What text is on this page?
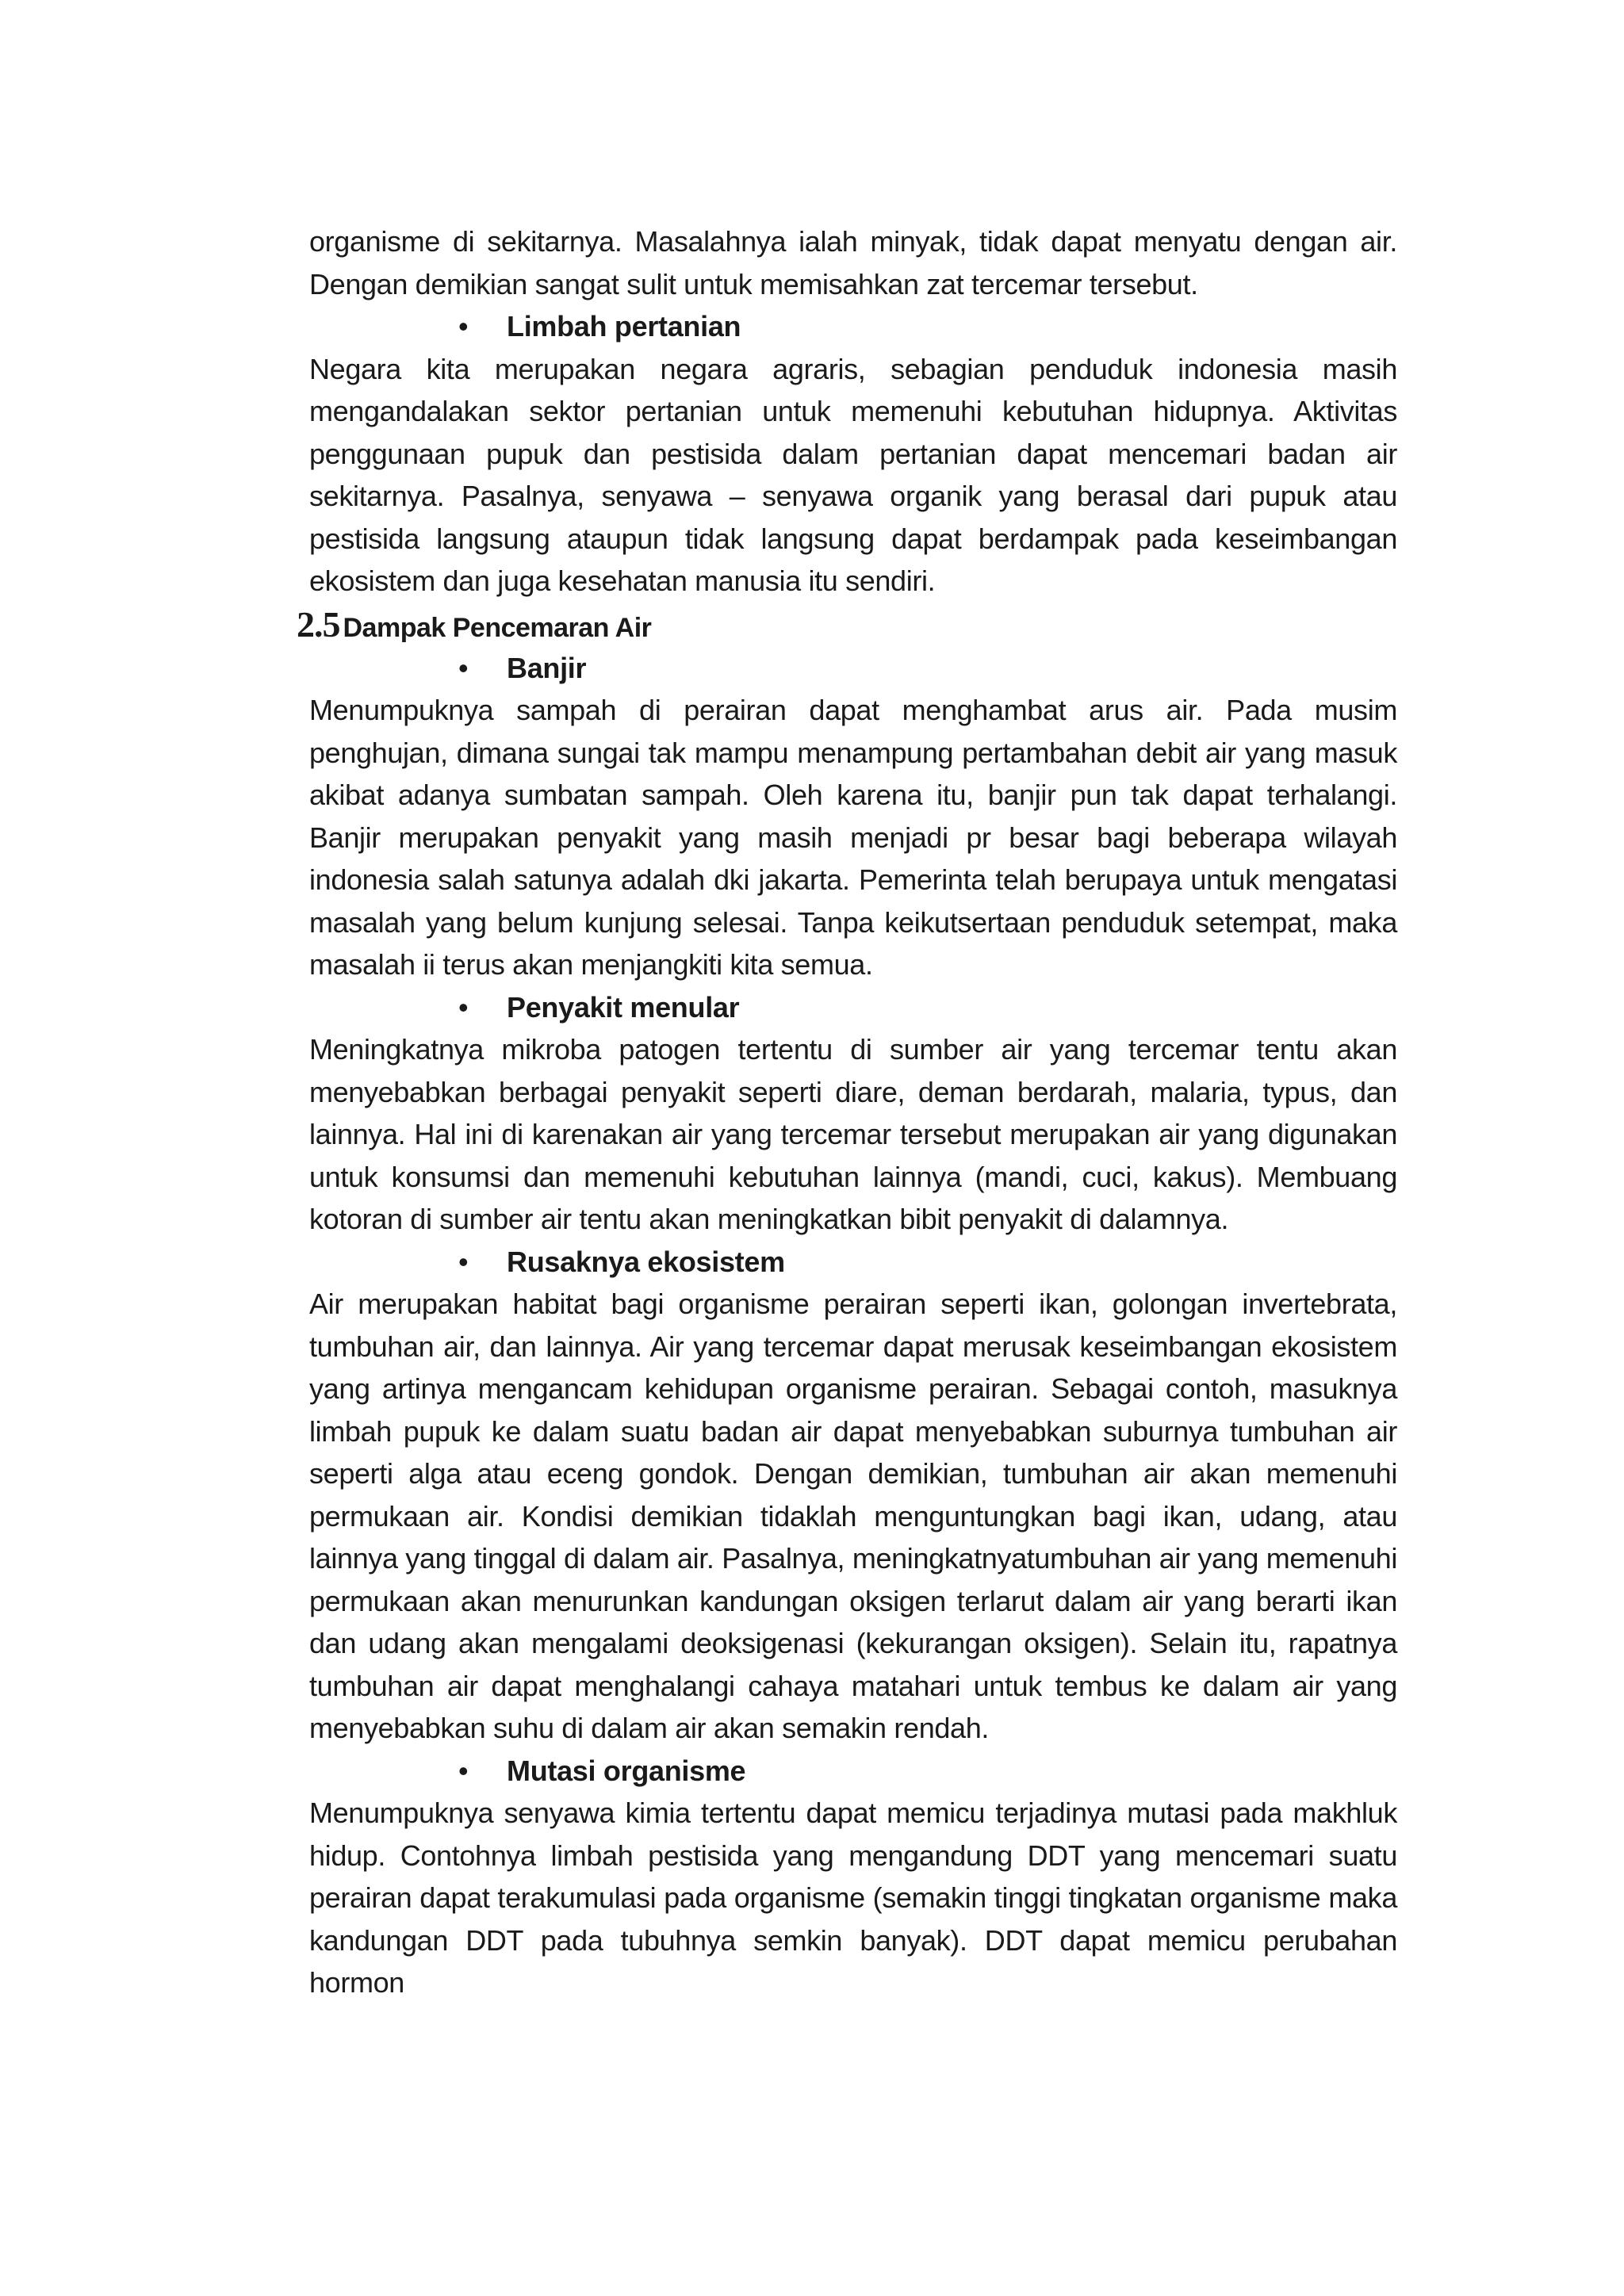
organisme di sekitarnya. Masalahnya ialah minyak, tidak dapat menyatu dengan air. Dengan demikian sangat sulit untuk memisahkan zat tercemar tersebut.

• Limbah pertanian

Negara kita merupakan negara agraris, sebagian penduduk indonesia masih mengandalakan sektor pertanian untuk memenuhi kebutuhan hidupnya. Aktivitas penggunaan pupuk dan pestisida dalam pertanian dapat mencemari badan air sekitarnya. Pasalnya, senyawa – senyawa organik yang berasal dari pupuk atau pestisida langsung ataupun tidak langsung dapat berdampak pada keseimbangan ekosistem dan juga kesehatan manusia itu sendiri.

2.5 Dampak Pencemaran Air
• Banjir

Menumpuknya sampah di perairan dapat menghambat arus air. Pada musim penghujan, dimana sungai tak mampu menampung pertambahan debit air yang masuk akibat adanya sumbatan sampah. Oleh karena itu, banjir pun tak dapat terhalangi. Banjir merupakan penyakit yang masih menjadi pr besar bagi beberapa wilayah indonesia salah satunya adalah dki jakarta. Pemerinta telah berupaya untuk mengatasi masalah yang belum kunjung selesai. Tanpa keikutsertaan penduduk setempat, maka masalah ii terus akan menjangkiti kita semua.

• Penyakit menular

Meningkatnya mikroba patogen tertentu di sumber air yang tercemar tentu akan menyebabkan berbagai penyakit seperti diare, deman berdarah, malaria, typus, dan lainnya. Hal ini di karenakan air yang tercemar tersebut merupakan air yang digunakan untuk konsumsi dan memenuhi kebutuhan lainnya (mandi, cuci, kakus). Membuang kotoran di sumber air tentu akan meningkatkan bibit penyakit di dalamnya.

• Rusaknya ekosistem

Air merupakan habitat bagi organisme perairan seperti ikan, golongan invertebrata, tumbuhan air, dan lainnya. Air yang tercemar dapat merusak keseimbangan ekosistem yang artinya mengancam kehidupan organisme perairan. Sebagai contoh, masuknya limbah pupuk ke dalam suatu badan air dapat menyebabkan suburnya tumbuhan air seperti alga atau eceng gondok. Dengan demikian, tumbuhan air akan memenuhi permukaan air. Kondisi demikian tidaklah menguntungkan bagi ikan, udang, atau lainnya yang tinggal di dalam air. Pasalnya, meningkatnyatumbuhan air yang memenuhi permukaan akan menurunkan kandungan oksigen terlarut dalam air yang berarti ikan dan udang akan mengalami deoksigenasi (kekurangan oksigen). Selain itu, rapatnya tumbuhan air dapat menghalangi cahaya matahari untuk tembus ke dalam air yang menyebabkan suhu di dalam air akan semakin rendah.

• Mutasi organisme

Menumpuknya senyawa kimia tertentu dapat memicu terjadinya mutasi pada makhluk hidup. Contohnya limbah pestisida yang mengandung DDT yang mencemari suatu perairan dapat terakumulasi pada organisme (semakin tinggi tingkatan organisme maka kandungan DDT pada tubuhnya semkin banyak). DDT dapat memicu perubahan hormon
